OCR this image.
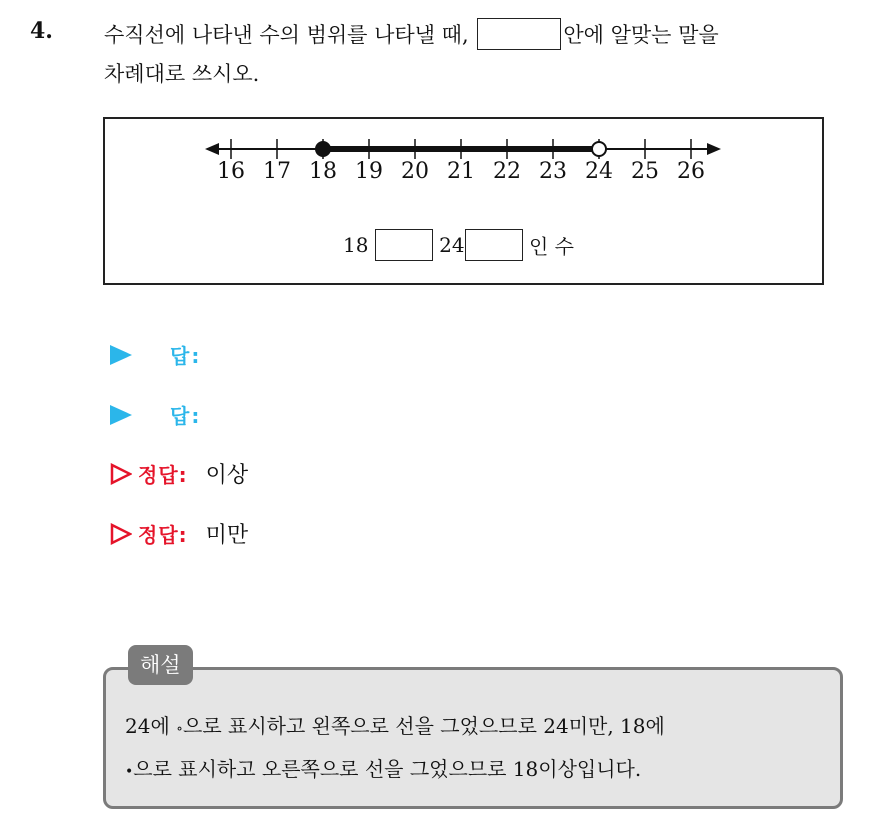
4. 수직선에 나타낸 수의 범위를 나타낼 때,	안에 알맞는 말을
차례대로 쓰시오.
16 17 18 19 20 21 22 23 24 25 26
18	24	인 수
답:
답:
정답: 이상
정답: 미만
해설
24에 ∘으로 표시하고 왼쪽으로 선을 그었으므로 24미만, 18에
•으로 표시하고 오른쪽으로 선을 그었으므로 18이상입니다.
